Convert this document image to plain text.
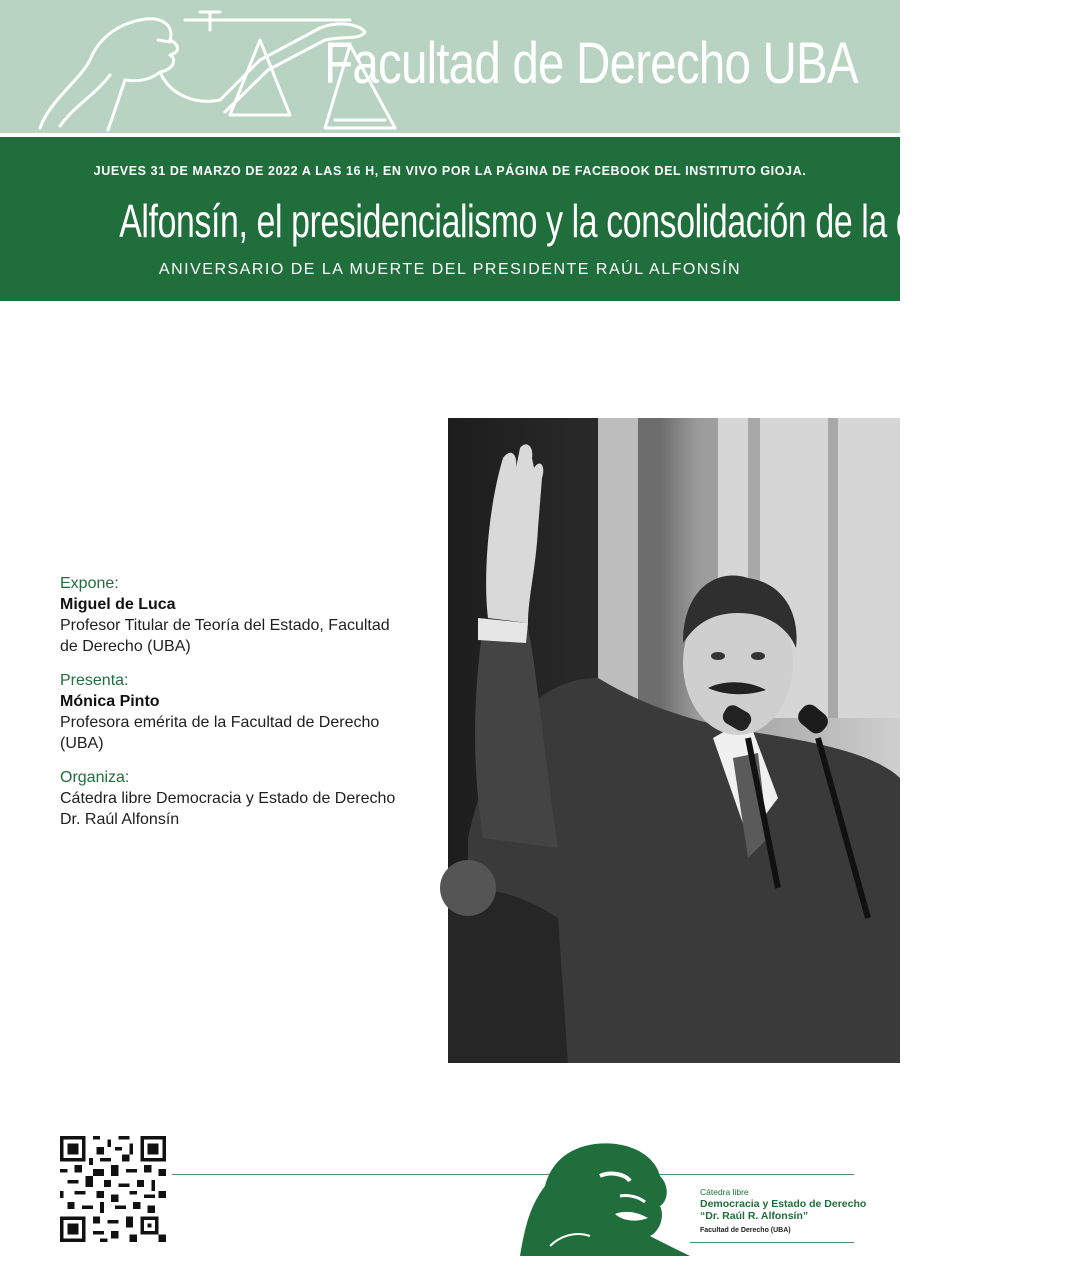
Facultad de Derecho UBA
JUEVES 31 DE MARZO DE 2022 A LAS 16 H, EN VIVO POR LA PÁGINA DE FACEBOOK DEL INSTITUTO GIOJA.
Alfonsín, el presidencialismo y la consolidación de la democracia
ANIVERSARIO DE LA MUERTE DEL PRESIDENTE RAÚL ALFONSÍN
Expone:
Miguel de Luca
Profesor Titular de Teoría del Estado, Facultad de Derecho (UBA)
Presenta:
Mónica Pinto
Profesora emérita de la Facultad de Derecho (UBA)
Organiza:
Cátedra libre Democracia y Estado de Derecho Dr. Raúl Alfonsín
Cátedra libre
Democracia y Estado de Derecho
“Dr. Raúl R. Alfonsín”
Facultad de Derecho (UBA)
